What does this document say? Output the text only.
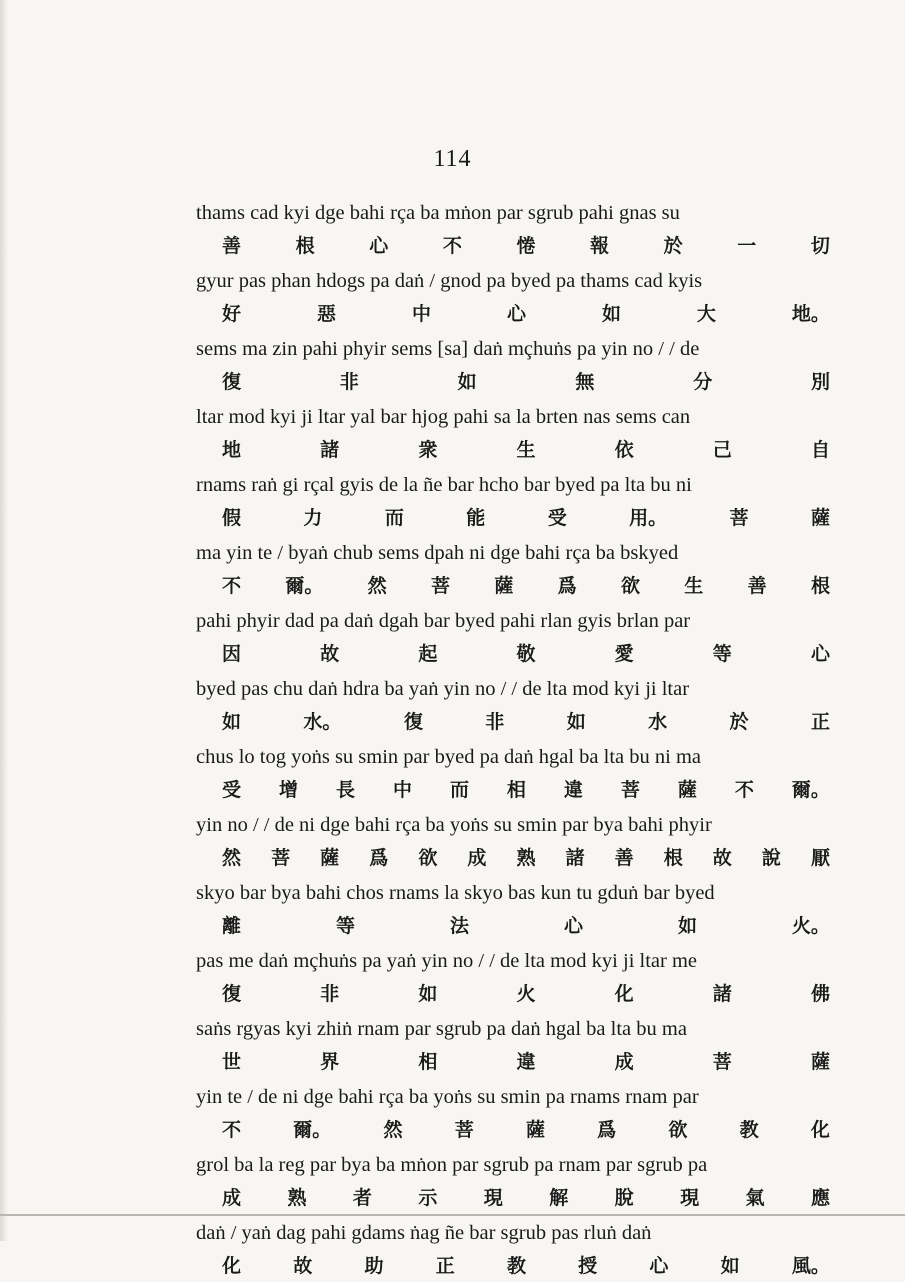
114
thams cad kyi dge bahi rça ba mṅon par sgrub pahi gnas su
善	根	心	不	惓	報	於	一	切
gyur pas phan hdogs pa daṅ / gnod pa byed pa thams cad kyis
好	惡	中	心	如	大	地。
sems ma zin pahi phyir sems [sa] daṅ mçhuṅs pa yin no / / de
復	非	如	無	分	別
ltar mod kyi ji ltar yal bar hjog pahi sa la brten nas sems can
地	諸	衆	生	依	己	自
rnams raṅ gi rçal gyis de la ñe bar hcho bar byed pa lta bu ni
假	力	而	能	受	用。	菩	薩
ma yin te / byaṅ chub sems dpah ni dge bahi rça ba bskyed
不 爾。 然 菩 薩 爲 欲 生 善 根
pahi phyir dad pa daṅ dgah bar byed pahi rlan gyis brlan par
因	故	起	敬	愛	等	心
byed pas chu daṅ hdra ba yaṅ yin no / / de lta mod kyi ji ltar
如	水。	復	非	如	水	於	正
chus lo tog yoṅs su smin par byed pa daṅ hgal ba lta bu ni ma
受 增 長 中 而 相 違 菩 薩 不 爾。
yin no / / de ni dge bahi rça ba yoṅs su smin par bya bahi phyir
然 菩 薩 爲 欲 成 熟 諸 善 根 故 說 厭
skyo bar bya bahi chos rnams la skyo bas kun tu gduṅ bar byed
離	等	法	心	如	火。
pas me daṅ mçhuṅs pa yaṅ yin no / / de lta mod kyi ji ltar me
復	非	如	火	化	諸	佛
saṅs rgyas kyi zhiṅ rnam par sgrub pa daṅ hgal ba lta bu ma
世	界	相	違	成	菩	薩
yin te / de ni dge bahi rça ba yoṅs su smin pa rnams rnam par
不	爾。	然	菩	薩	爲	欲	教	化
grol ba la reg par bya ba mṅon par sgrub pa rnam par sgrub pa
成 熟 者 示 現 解 脫 現 氣 應
daṅ / yaṅ dag pahi gdams ṅag ñe bar sgrub pas rluṅ daṅ
化	故	助	正	教	授	心	如	風。
